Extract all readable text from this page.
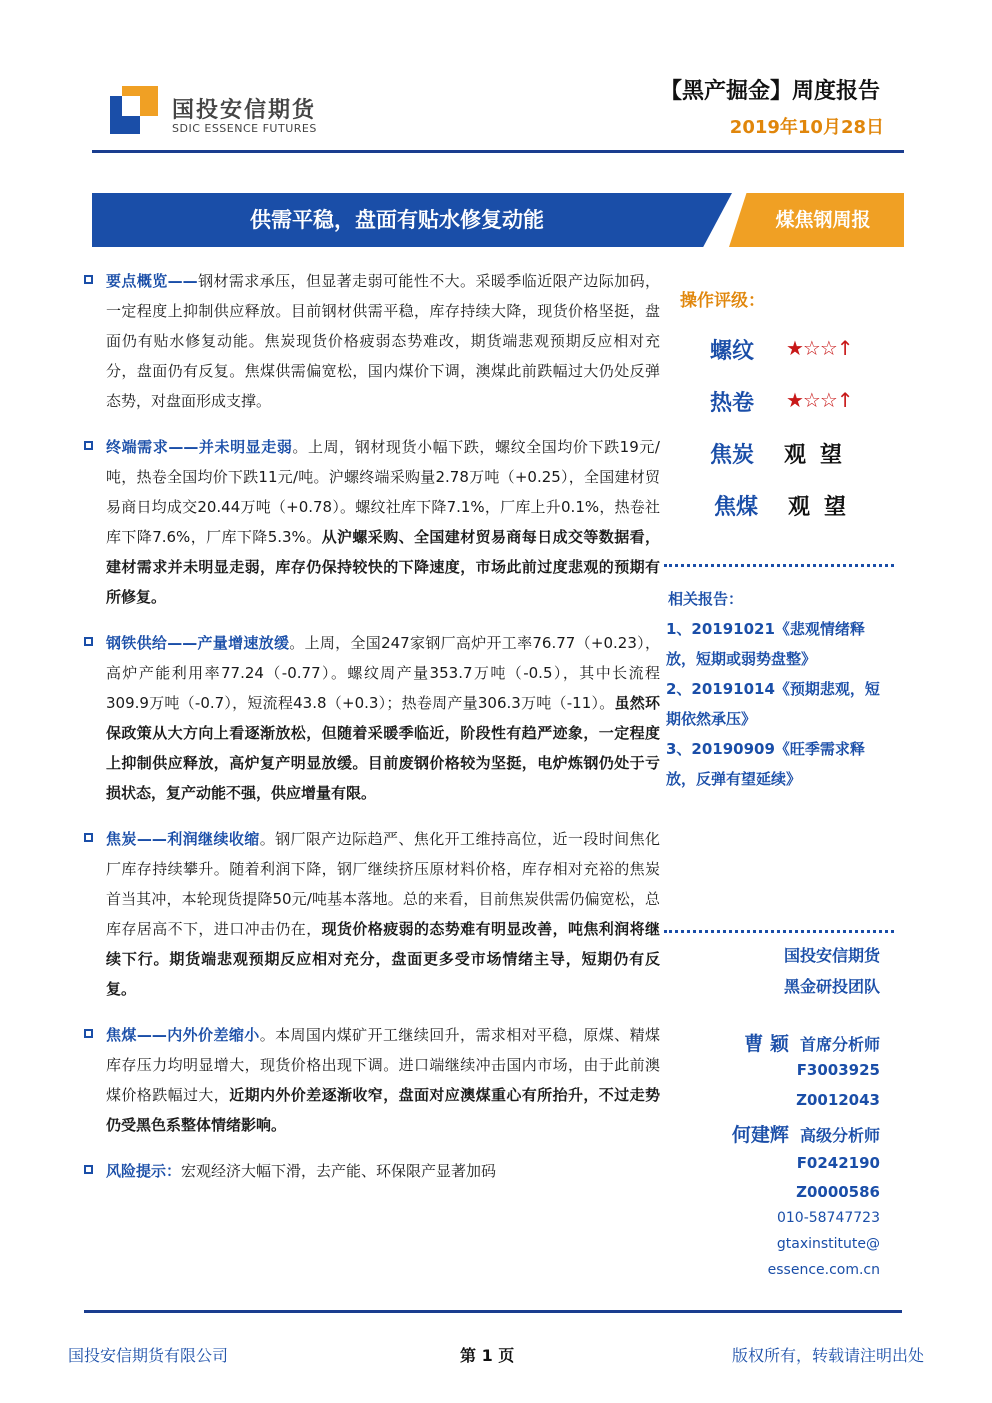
国投安信期货
SDIC ESSENCE FUTURES
【黑产掘金】周度报告
2019年10月28日
供需平稳，盘面有贴水修复动能	煤焦钢周报

要点概览——钢材需求承压，但显著走弱可能性不大。采暖季临近限产边际加码，一定程度上抑制供应释放。目前钢材供需平稳，库存持续大降，现货价格坚挺，盘面仍有贴水修复动能。焦炭现货价格疲弱态势难改，期货端悲观预期反应相对充分，盘面仍有反复。焦煤供需偏宽松，国内煤价下调，澳煤此前跌幅过大仍处反弹态势，对盘面形成支撑。

终端需求——并未明显走弱。上周，钢材现货小幅下跌，螺纹全国均价下跌19元/吨，热卷全国均价下跌11元/吨。沪螺终端采购量2.78万吨（+0.25），全国建材贸易商日均成交20.44万吨（+0.78）。螺纹社库下降7.1%，厂库上升0.1%，热卷社库下降7.6%，厂库下降5.3%。从沪螺采购、全国建材贸易商每日成交等数据看，建材需求并未明显走弱，库存仍保持较快的下降速度，市场此前过度悲观的预期有所修复。

钢铁供给——产量增速放缓。上周，全国247家钢厂高炉开工率76.77（+0.23），高炉产能利用率77.24（-0.77）。螺纹周产量353.7万吨（-0.5），其中长流程309.9万吨（-0.7），短流程43.8（+0.3）；热卷周产量306.3万吨（-11）。虽然环保政策从大方向上看逐渐放松，但随着采暖季临近，阶段性有趋严迹象，一定程度上抑制供应释放，高炉复产明显放缓。目前废钢价格较为坚挺，电炉炼钢仍处于亏损状态，复产动能不强，供应增量有限。

焦炭——利润继续收缩。钢厂限产边际趋严、焦化开工维持高位，近一段时间焦化厂库存持续攀升。随着利润下降，钢厂继续挤压原材料价格，库存相对充裕的焦炭首当其冲，本轮现货提降50元/吨基本落地。总的来看，目前焦炭供需仍偏宽松，总库存居高不下，进口冲击仍在，现货价格疲弱的态势难有明显改善，吨焦利润将继续下行。期货端悲观预期反应相对充分，盘面更多受市场情绪主导，短期仍有反复。

焦煤——内外价差缩小。本周国内煤矿开工继续回升，需求相对平稳，原煤、精煤库存压力均明显增大，现货价格出现下调。进口端继续冲击国内市场，由于此前澳煤价格跌幅过大，近期内外价差逐渐收窄，盘面对应澳煤重心有所抬升，不过走势仍受黑色系整体情绪影响。

风险提示：宏观经济大幅下滑，去产能、环保限产显著加码

操作评级：
螺纹 ★☆☆↑
热卷 ★☆☆↑
焦炭 观望
焦煤 观望
相关报告：
1、20191021《悲观情绪释放，短期或弱势盘整》
2、20191014《预期悲观，短期依然承压》
3、20190909《旺季需求释放，反弹有望延续》
国投安信期货
黑金研投团队
曹 颖 首席分析师
F3003925
Z0012043
何建辉 高级分析师
F0242190
Z0000586
010-58747723
gtaxinstitute@
essence.com.cn
国投安信期货有限公司	第 1 页	版权所有，转载请注明出处
